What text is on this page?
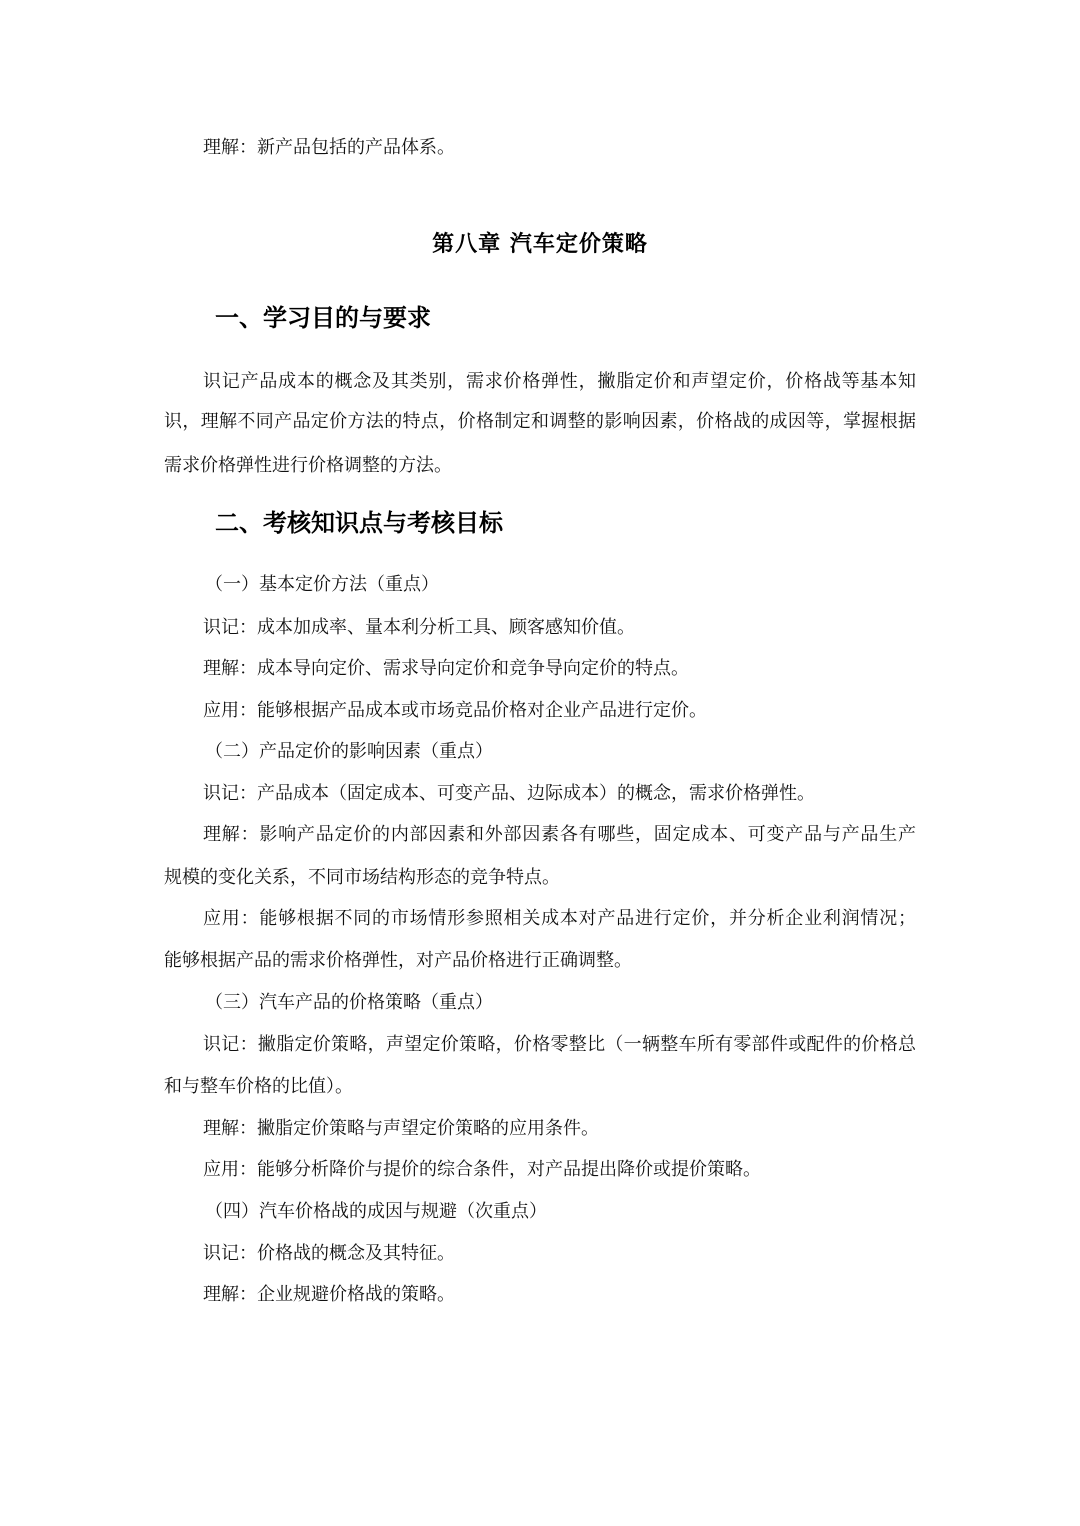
理解：新产品包括的产品体系。
第八章 汽车定价策略
一、学习目的与要求
识记产品成本的概念及其类别，需求价格弹性，撇脂定价和声望定价，价格战等基本知
识，理解不同产品定价方法的特点，价格制定和调整的影响因素，价格战的成因等，掌握根据
需求价格弹性进行价格调整的方法。
二、考核知识点与考核目标
（一）基本定价方法（重点）
识记：成本加成率、量本利分析工具、顾客感知价值。
理解：成本导向定价、需求导向定价和竞争导向定价的特点。
应用：能够根据产品成本或市场竞品价格对企业产品进行定价。
（二）产品定价的影响因素（重点）
识记：产品成本（固定成本、可变产品、边际成本）的概念，需求价格弹性。
理解：影响产品定价的内部因素和外部因素各有哪些，固定成本、可变产品与产品生产
规模的变化关系，不同市场结构形态的竞争特点。
应用：能够根据不同的市场情形参照相关成本对产品进行定价，并分析企业利润情况；
能够根据产品的需求价格弹性，对产品价格进行正确调整。
（三）汽车产品的价格策略（重点）
识记：撇脂定价策略，声望定价策略，价格零整比（一辆整车所有零部件或配件的价格总
和与整车价格的比值）。
理解：撇脂定价策略与声望定价策略的应用条件。
应用：能够分析降价与提价的综合条件，对产品提出降价或提价策略。
（四）汽车价格战的成因与规避（次重点）
识记：价格战的概念及其特征。
理解：企业规避价格战的策略。
